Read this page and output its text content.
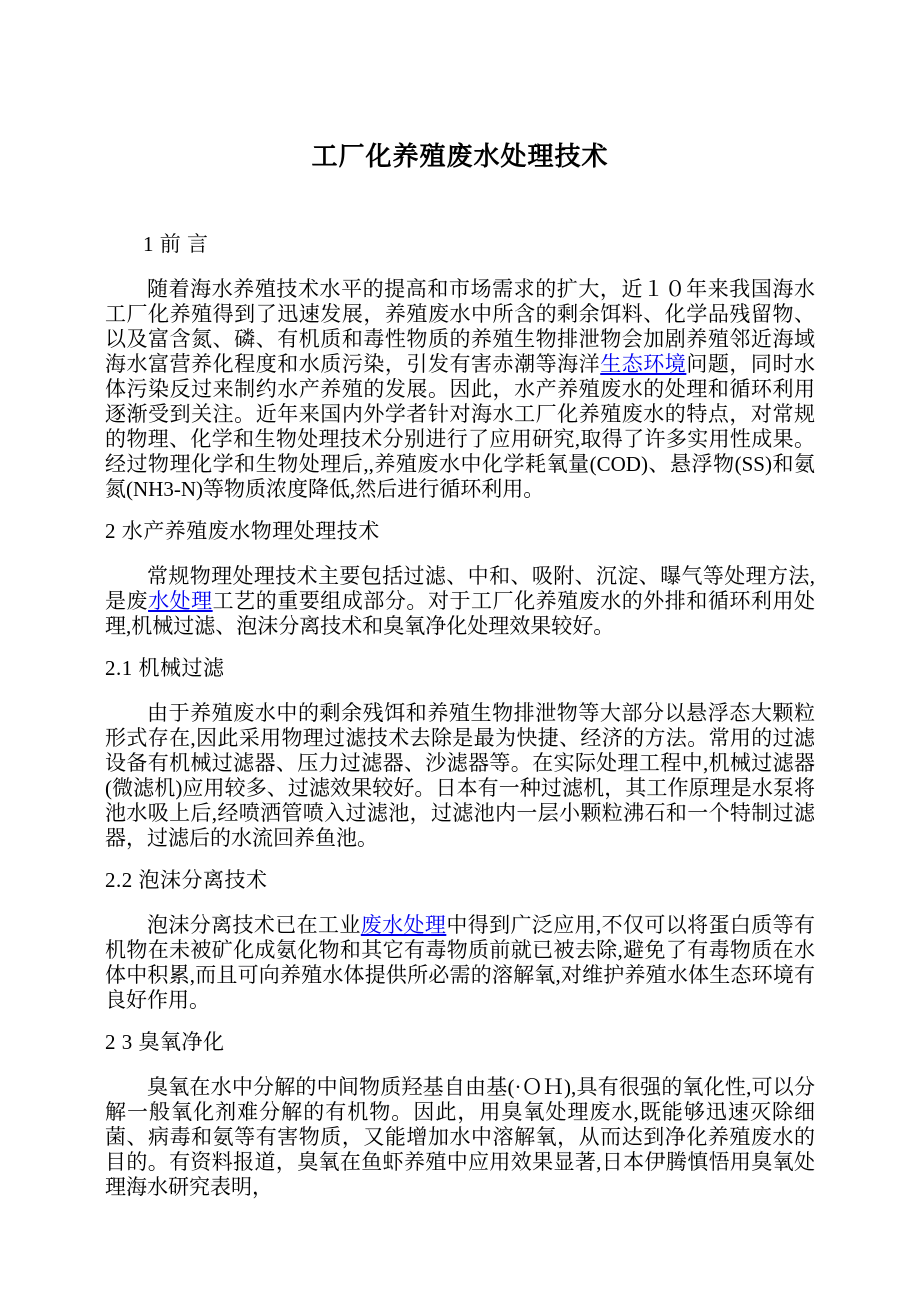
工厂化养殖废水处理技术
1 前 言

随着海水养殖技术水平的提高和市场需求的扩大，近１０年来我国海水工厂化养殖得到了迅速发展，养殖废水中所含的剩余饵料、化学品残留物、以及富含氮、磷、有机质和毒性物质的养殖生物排泄物会加剧养殖邻近海域海水富营养化程度和水质污染，引发有害赤潮等海洋生态环境问题，同时水体污染反过来制约水产养殖的发展。因此，水产养殖废水的处理和循环利用逐渐受到关注。近年来国内外学者针对海水工厂化养殖废水的特点，对常规的物理、化学和生物处理技术分别进行了应用研究,取得了许多实用性成果。经过物理化学和生物处理后,,养殖废水中化学耗氧量(COD)、悬浮物(SS)和氨氮(NH3-N)等物质浓度降低,然后进行循环利用。

2 水产养殖废水物理处理技术

常规物理处理技术主要包括过滤、中和、吸附、沉淀、曝气等处理方法,是废水处理工艺的重要组成部分。对于工厂化养殖废水的外排和循环利用处理,机械过滤、泡沫分离技术和臭氧净化处理效果较好。

2.1 机械过滤

由于养殖废水中的剩余残饵和养殖生物排泄物等大部分以悬浮态大颗粒形式存在,因此采用物理过滤技术去除是最为快捷、经济的方法。常用的过滤设备有机械过滤器、压力过滤器、沙滤器等。在实际处理工程中,机械过滤器(微滤机)应用较多、过滤效果较好。日本有一种过滤机，其工作原理是水泵将池水吸上后,经喷洒管喷入过滤池，过滤池内一层小颗粒沸石和一个特制过滤器，过滤后的水流回养鱼池。

2.2 泡沫分离技术

泡沫分离技术已在工业废水处理中得到广泛应用,不仅可以将蛋白质等有机物在未被矿化成氨化物和其它有毒物质前就已被去除,避免了有毒物质在水体中积累,而且可向养殖水体提供所必需的溶解氧,对维护养殖水体生态环境有良好作用。

2 3 臭氧净化

臭氧在水中分解的中间物质羟基自由基(·ＯＨ),具有很强的氧化性,可以分解一般氧化剂难分解的有机物。因此，用臭氧处理废水,既能够迅速灭除细菌、病毒和氨等有害物质，又能增加水中溶解氧，从而达到净化养殖废水的目的。有资料报道，臭氧在鱼虾养殖中应用效果显著,日本伊腾慎悟用臭氧处理海水研究表明，
